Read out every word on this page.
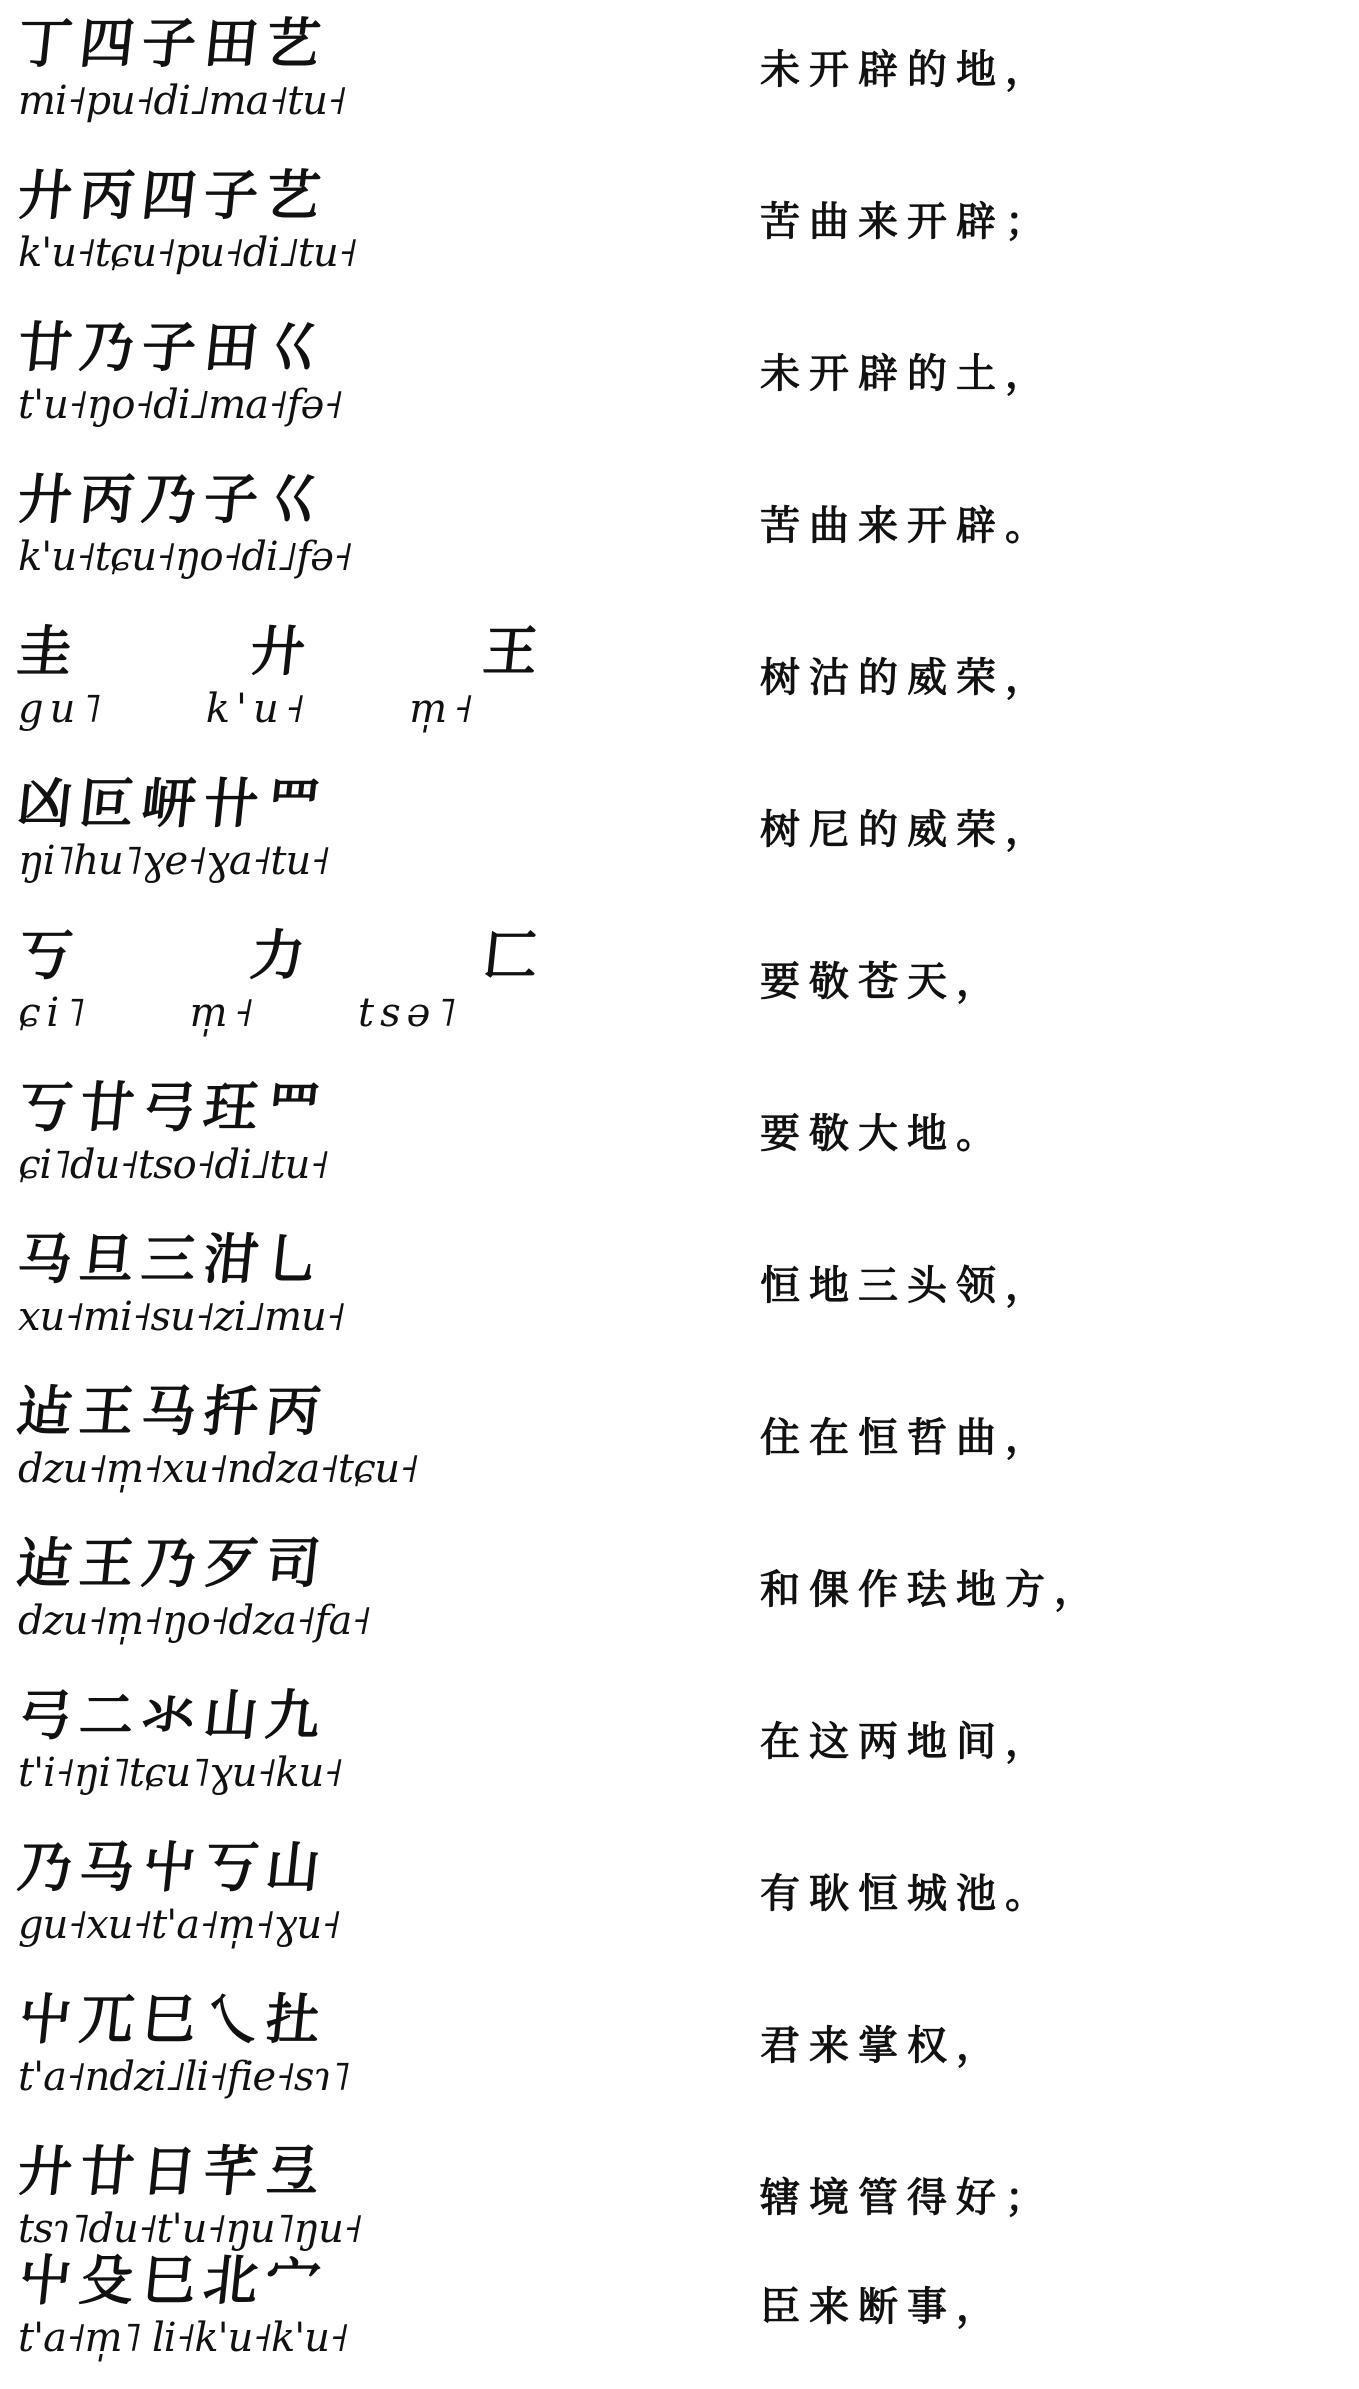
丁四子田艺
mi˧pu˧di˩ma˧tu˧
未开辟的地，
廾丙四子艺
k'u˧tɕu˧pu˧di˩tu˧
苦曲来开辟；
廿乃子田巜
t'u˧ŋo˧di˩ma˧fə˧
未开辟的土，
廾丙乃子巜
k'u˧tɕu˧ŋo˧di˩fə˧
苦曲来开辟。
圭 廾 王
gu˥ k'u˧ m̩˧
树沽的威荣，
凶叵岍卄罒
ŋi˥hu˥ɣe˧ɣa˧tu˧
树尼的威荣，
丂 力 匚
ɕi˥ m̩˧ tsə˥
要敬苍天，
丂廿弓玨罒
ɕi˥du˧tso˧di˩tu˧
要敬大地。
马旦三泔乚
xu˧mi˧su˧zi˩mu˧
恒地三头领，
迠王马扦丙
dzu˧m̩˧xu˧ndza˧tɕu˧
住在恒哲曲，
迠王乃歹司
dzu˧m̩˧ŋo˧dza˧fa˧
和倮作珐地方，
弓二氺山九
t'i˧ŋi˥tɕu˥ɣu˧ku˧
在这两地间，
乃马屮丂山
gu˧xu˧t'a˧m̩˧ɣu˧
有耿恒城池。
屮兀巳乀扗
t'a˧ndzi˩li˧fie˧sɿ˥
君来掌权，
廾廿日芊弖
tsɿ˥du˧t'u˧ŋu˥ŋu˧
辖境管得好；
屮殳巳北宀
t'a˧m̩˥ li˧k'u˧k'u˧
臣来断事，
